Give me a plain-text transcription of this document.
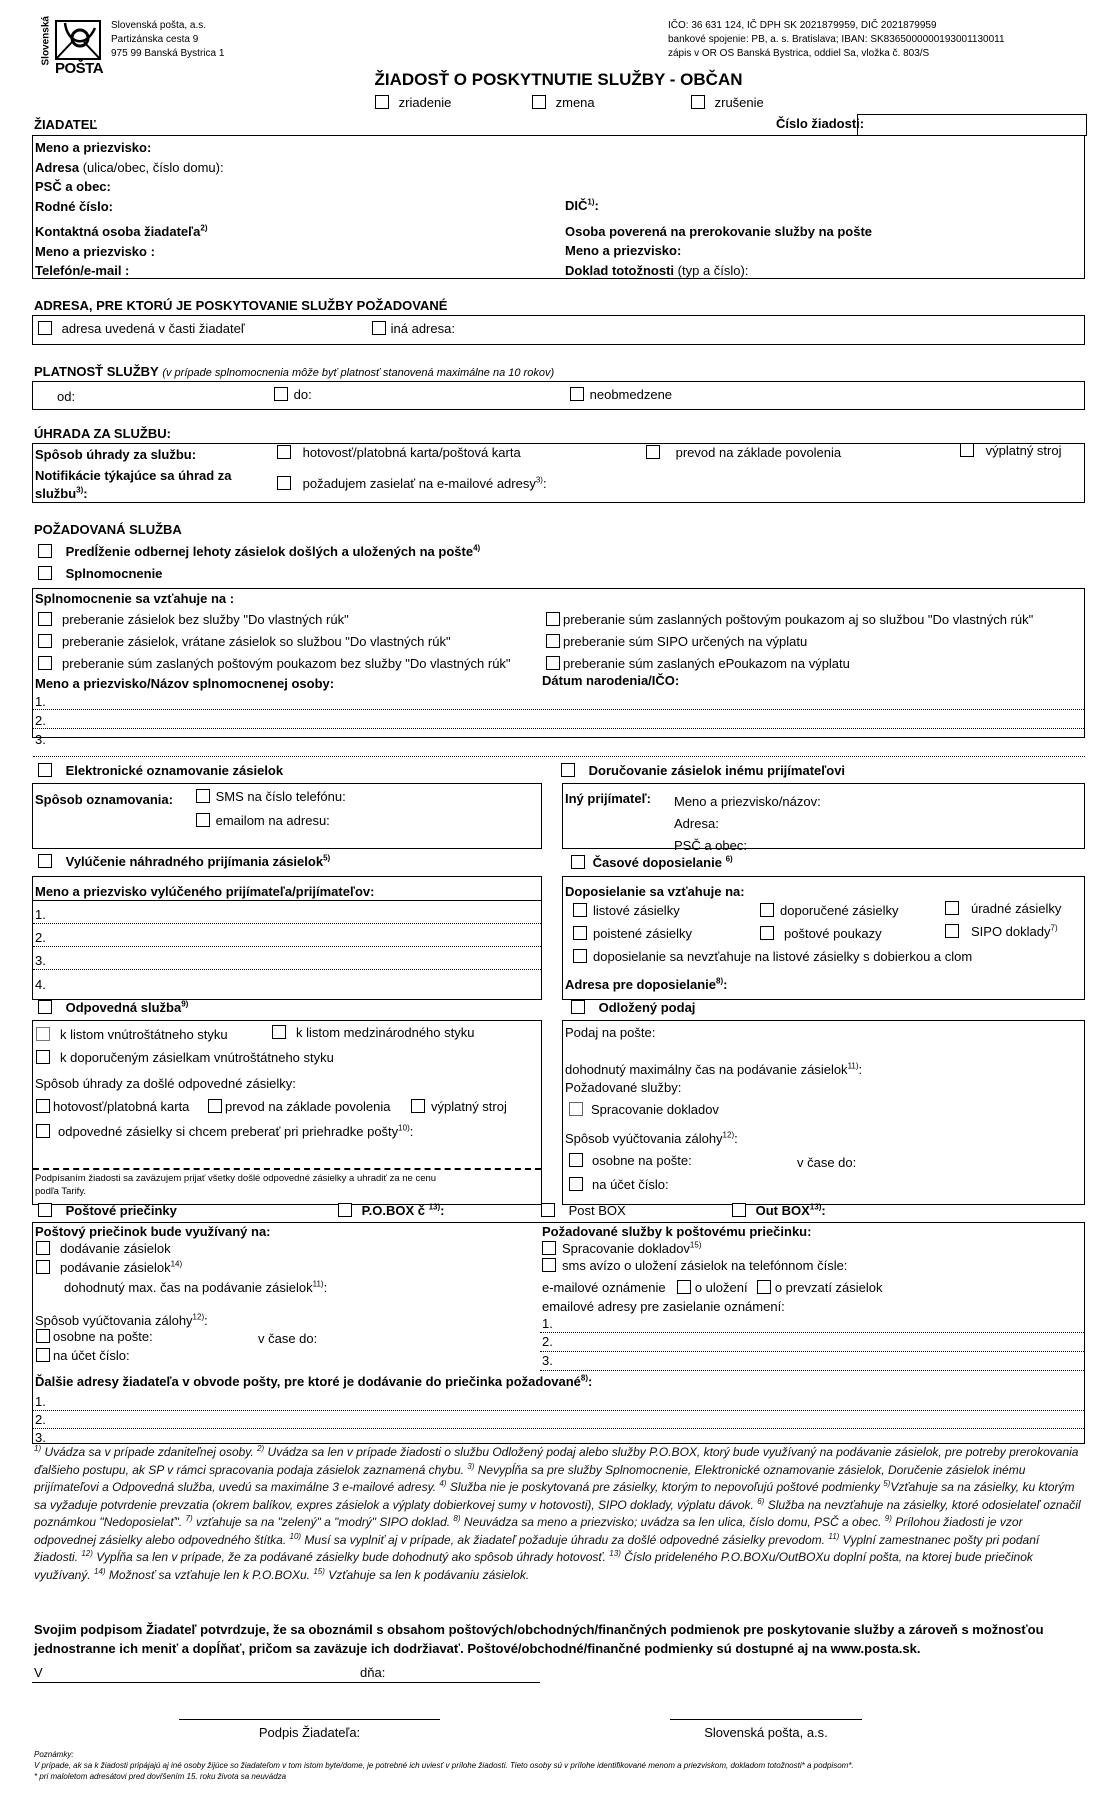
Slovenská
POŠTA
Slovenská pošta, a.s.
Partizánska cesta 9
975 99 Banská Bystrica 1
IČO: 36 631 124, IČ DPH SK 2021879959, DIČ 2021879959
bankové spojenie: PB, a. s. Bratislava; IBAN: SK8365000000193001130011
zápis v OR OS Banská Bystrica, oddiel Sa, vložka č. 803/S
ŽIADOSŤ O POSKYTNUTIE SLUŽBY - OBČAN
zriadenie	zmena	zrušenie
ŽIADATEĽ	Číslo žiadosti:
Meno a priezvisko:
Adresa (ulica/obec, číslo domu):
PSČ a obec:
Rodné číslo:
Kontaktná osoba žiadateľa$^{2)}$
Meno a priezvisko :
Telefón/e-mail :
DIČ$^{1)}$:
Osoba poverená na prerokovanie služby na pošte
Meno a priezvisko:
Doklad totožnosti (typ a číslo):
ADRESA, PRE KTORÚ JE POSKYTOVANIE SLUŽBY POŽADOVANÉ
adresa uvedená v časti žiadateľ	iná adresa:
PLATNOSŤ SLUŽBY (v prípade splnomocnenia môže byť platnosť stanovená maximálne na 10 rokov)
od:	do:	neobmedzene
ÚHRADA ZA SLUŽBU:
Spôsob úhrady za službu:	hotovosť/platobná karta/poštová karta	prevod na základe povolenia	výplatný stroj
Notifikácie týkajúce sa úhrad za
službu$^{3)}$:
požadujem zasielať na e-mailové adresy$^{3)}$:
POŽADOVANÁ SLUŽBA
Predĺženie odbernej lehoty zásielok došlých a uložených na pošte$^{4)}$
Splnomocnenie
Splnomocnenie sa vzťahuje na :
preberanie zásielok bez služby "Do vlastných rúk"
preberanie zásielok, vrátane zásielok so službou "Do vlastných rúk"
preberanie súm zaslaných poštovým poukazom bez služby "Do vlastných rúk"
preberanie súm zaslanných poštovým poukazom aj so službou "Do vlastných rúk"
preberanie súm SIPO určených na výplatu
preberanie súm zaslaných ePoukazom na výplatu
Meno a priezvisko/Názov splnomocnenej osoby:	Dátum narodenia/IČO:
1.
2.
3.
Elektronické oznamovanie zásielok
Spôsob oznamovania:	SMS na číslo telefónu:
emailom na adresu:
Doručovanie zásielok inému prijímateľovi
Iný prijímateľ: Meno a priezvisko/názov:
Adresa:
PSČ a obec:
Vylúčenie náhradného prijímania zásielok$^{5)}$
Meno a priezvisko vylúčeného prijímateľa/prijímateľov:
1.
2.
3.
4.
Časové doposielanie $^{6)}$
Doposielanie sa vzťahuje na:
listové zásielky	doporučené zásielky	úradné zásielky
poistené zásielky	poštové poukazy	SIPO doklady$^{7)}$
doposielanie sa nevzťahuje na listové zásielky s dobierkou a clom
Adresa pre doposielanie$^{8)}$:
Odpovedná služba$^{9)}$
k listom vnútroštátneho styku	k listom medzinárodného styku
k doporučeným zásielkam vnútroštátneho styku
Spôsob úhrady za došlé odpovedné zásielky:
hotovosť/platobná karta	prevod na základe povolenia	výplatný stroj
odpovedné zásielky si chcem preberať pri priehradke pošty$^{10)}$:
Podpísaním žiadosti sa zaväzujem prijať všetky došlé odpovedné zásielky a uhradiť za ne cenu
podľa Tarify.
Odložený podaj
Podaj na pošte:
dohodnutý maximálny čas na podávanie zásielok$^{11)}$:
Požadované služby:
Spracovanie dokladov
Spôsob vyúčtovania zálohy$^{12)}$:
osobne na pošte:	v čase do:
na účet číslo:
Poštové priečinky	P.O.BOX č $^{13)}$:	Post BOX	Out BOX$^{13)}$:
Poštový priečinok bude využívaný na:
dodávanie zásielok
podávanie zásielok$^{14)}$
dohodnutý max. čas na podávanie zásielok$^{11)}$:
Spôsob vyúčtovania zálohy$^{12)}$:
osobne na pošte:	v čase do:
na účet číslo:
Požadované služby k poštovému priečinku:
Spracovanie dokladov$^{15)}$
sms avízo o uložení zásielok na telefónnom čísle:
e-mailové oznámenie o uložení o prevzatí zásielok
emailové adresy pre zasielanie oznámení:
1.
2.
3.
Ďalšie adresy žiadateľa v obvode pošty, pre ktoré je dodávanie do priečinka požadované$^{8)}$:
1.
2.
3.
$^{1)}$ Uvádza sa v prípade zdaniteľnej osoby. $^{2)}$ Uvádza sa len v prípade žiadosti o službu Odložený podaj alebo služby P.O.BOX, ktorý bude využívaný na podávanie zásielok, pre potreby prerokovania ďalšieho postupu, ak SP v rámci spracovania podaja zásielok zaznamená chybu. $^{3)}$ Nevypĺňa sa pre služby Splnomocnenie, Elektronické oznamovanie zásielok, Doručenie zásielok inému prijímateľovi a Odpovedná služba, uvedú sa maximálne 3 e-mailové adresy. $^{4)}$ Služba nie je poskytovaná pre zásielky, ktorým to nepovoľujú poštové podmienky $^{5)}$Vzťahuje sa na zásielky, ku ktorým sa vyžaduje potvrdenie prevzatia (okrem balíkov, expres zásielok a výplaty dobierkovej sumy v hotovosti), SIPO doklady, výplatu dávok. $^{6)}$ Služba na nevzťahuje na zásielky, ktoré odosielateľ označil poznámkou "Nedoposielať". $^{7)}$ vzťahuje sa na "zelený" a "modrý" SIPO doklad. $^{8)}$ Neuvádza sa meno a priezvisko; uvádza sa len ulica, číslo domu, PSČ a obec. $^{9)}$ Prílohou žiadosti je vzor odpovednej zásielky alebo odpovedného štítka. $^{10)}$ Musí sa vyplniť aj v prípade, ak žiadateľ požaduje úhradu za došlé odpovedné zásielky prevodom. $^{11)}$ Vyplní zamestnanec pošty pri podaní žiadosti. $^{12)}$ Vypĺňa sa len v prípade, že za podávané zásielky bude dohodnutý ako spôsob úhrady hotovosť. $^{13)}$ Číslo prideleného P.O.BOXu/OutBOXu doplní pošta, na ktorej bude priečinok využívaný. $^{14)}$ Možnosť sa vzťahuje len k P.O.BOXu. $^{15)}$ Vzťahuje sa len k podávaniu zásielok.
Svojim podpisom Žiadateľ potvrdzuje, že sa oboznámil s obsahom poštových/obchodných/finančných podmienok pre poskytovanie služby a zároveň s možnosťou
jednostranne ich meniť a dopĺňať, pričom sa zaväzuje ich dodržiavať. Poštové/obchodné/finančné podmienky sú dostupné aj na www.posta.sk.
V	dňa:
Podpis Žiadateľa:	Slovenská pošta, a.s.
Poznámky:
V prípade, ak sa k žiadosti pripájajú aj iné osoby žijúce so žiadateľom v tom istom byte/dome, je potrebné ich uviesť v prílohe žiadosti. Tieto osoby sú v prílohe identifikované menom a priezviskom, dokladom totožnosti* a podpisom*.
* pri maloletom adresátovi pred dovŕšením 15. roku života sa neuvádza
